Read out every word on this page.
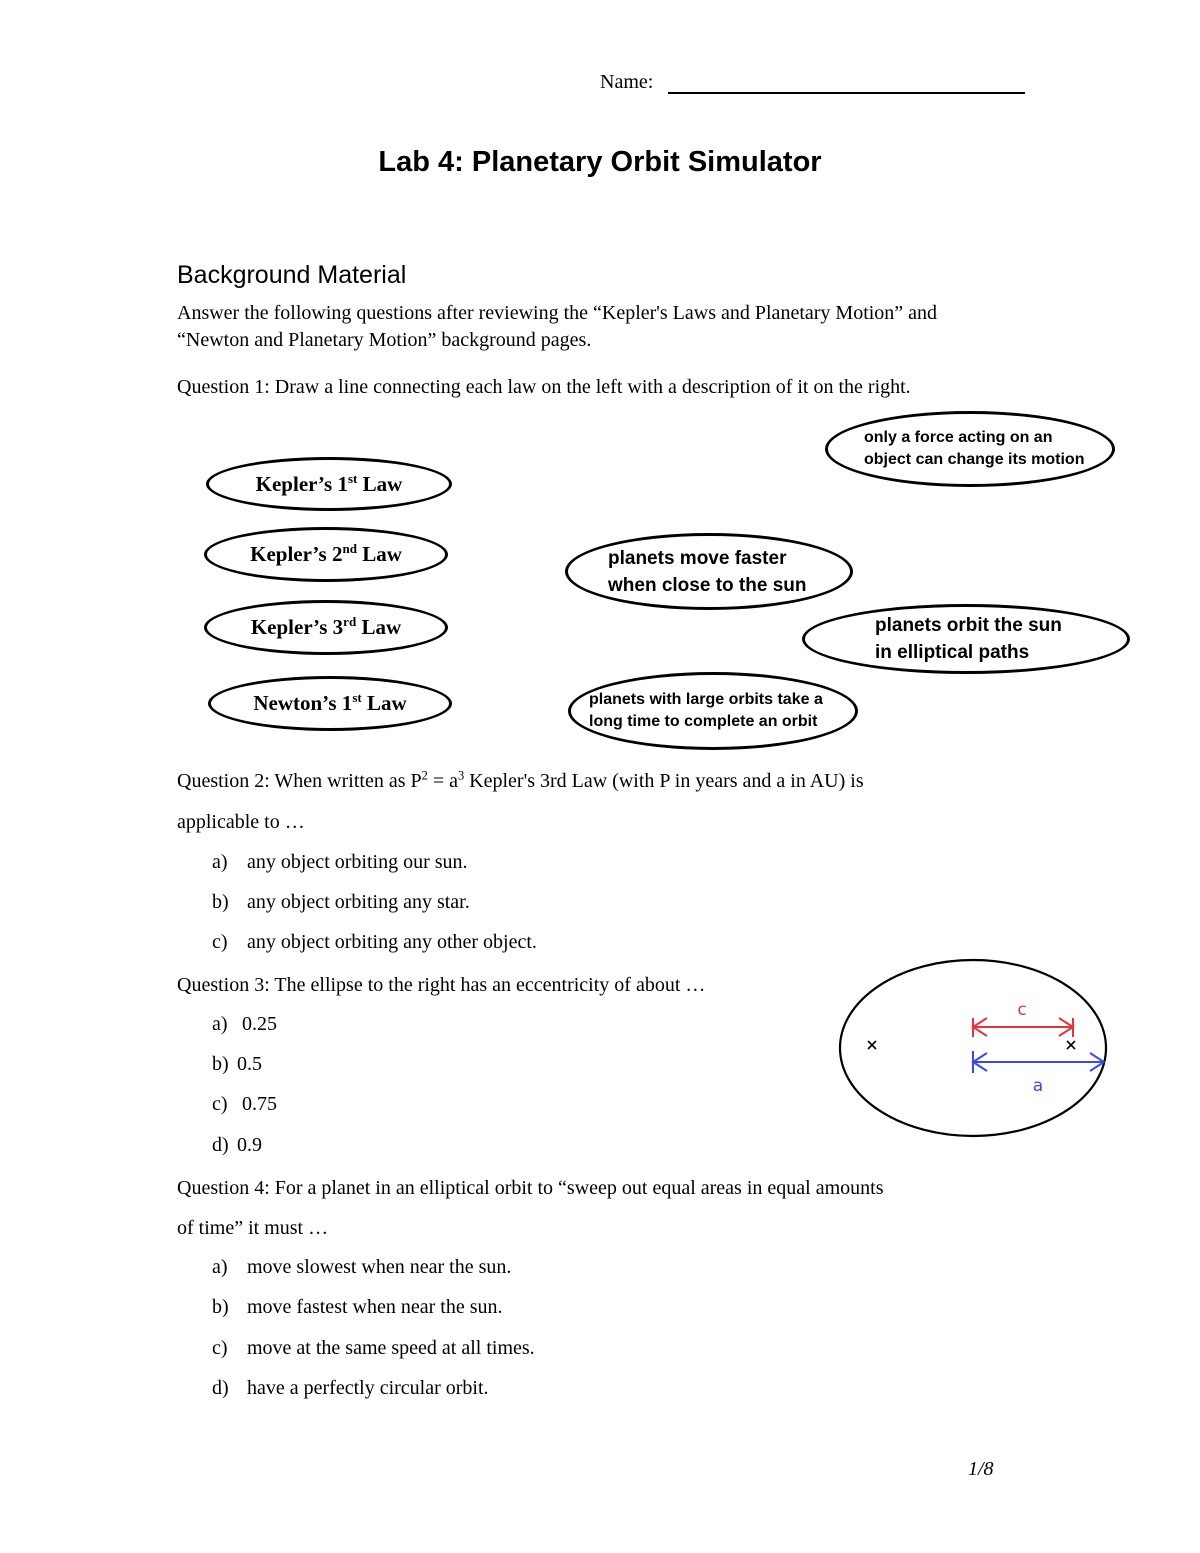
Name:
Lab 4: Planetary Orbit Simulator
Background Material
Answer the following questions after reviewing the “Kepler's Laws and Planetary Motion” and “Newton and Planetary Motion” background pages.
Question 1: Draw a line connecting each law on the left with a description of it on the right.
Kepler’s 1st Law
Kepler’s 2nd Law
Kepler’s 3rd Law
Newton’s 1st Law
only a force acting on an
object can change its motion
planets move faster
when close to the sun
planets orbit the sun
in elliptical paths
planets with large orbits take a
long time to complete an orbit
Question 2: When written as $P^2 = a^3$ Kepler's 3rd Law (with P in years and a in AU) is
applicable to …
a) any object orbiting our sun.
b) any object orbiting any star.
c) any object orbiting any other object.
Question 3: The ellipse to the right has an eccentricity of about …
a) 0.25
b) 0.5
c) 0.75
d) 0.9
c
a
Question 4: For a planet in an elliptical orbit to “sweep out equal areas in equal amounts
of time” it must …
a) move slowest when near the sun.
b) move fastest when near the sun.
c) move at the same speed at all times.
d) have a perfectly circular orbit.
1/8
